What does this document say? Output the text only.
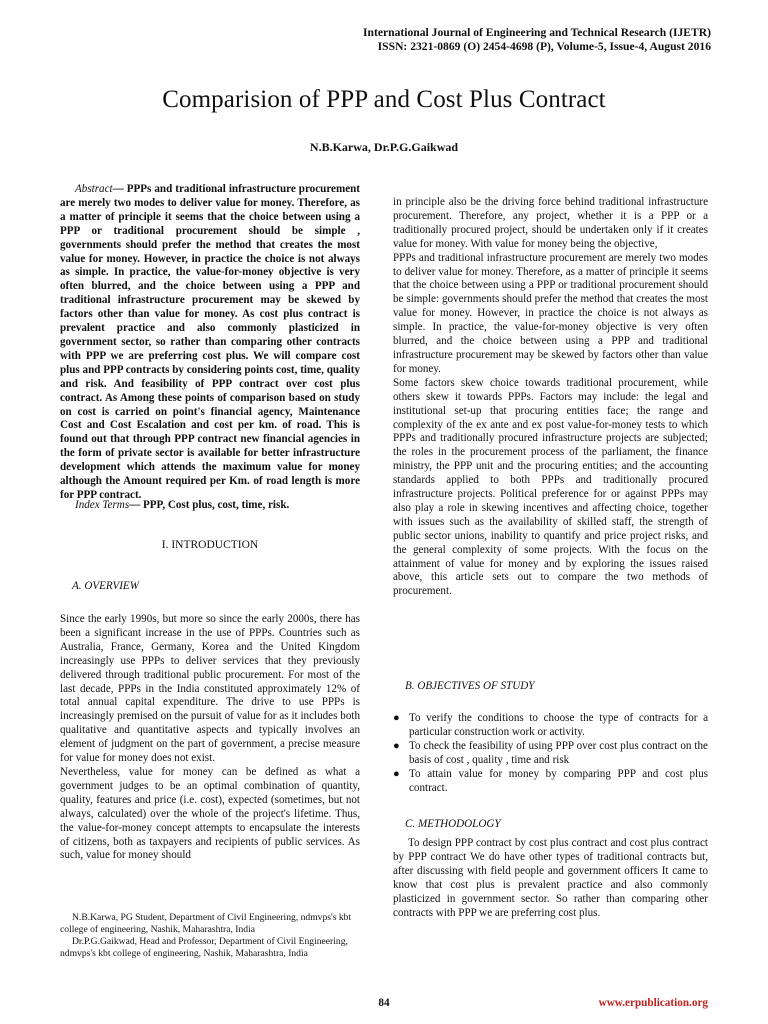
International Journal of Engineering and Technical Research (IJETR)
ISSN: 2321-0869 (O) 2454-4698 (P), Volume-5, Issue-4, August 2016
Comparision of PPP and Cost Plus Contract
N.B.Karwa, Dr.P.G.Gaikwad

Abstract— PPPs and traditional infrastructure procurement are merely two modes to deliver value for money. Therefore, as a matter of principle it seems that the choice between using a PPP or traditional procurement should be simple , governments should prefer the method that creates the most value for money. However, in practice the choice is not always as simple. In practice, the value-for-money objective is very often blurred, and the choice between using a PPP and traditional infrastructure procurement may be skewed by factors other than value for money. As cost plus contract is prevalent practice and also commonly plasticized in government sector, so rather than comparing other contracts with PPP we are preferring cost plus. We will compare cost plus and PPP contracts by considering points cost, time, quality and risk. And feasibility of PPP contract over cost plus contract. As Among these points of comparison based on study on cost is carried on point's financial agency, Maintenance Cost and Cost Escalation and cost per km. of road. This is found out that through PPP contract new financial agencies in the form of private sector is available for better infrastructure development which attends the maximum value for money although the Amount required per Km. of road length is more for PPP contract.

Index Terms— PPP, Cost plus, cost, time, risk.

I. INTRODUCTION
A. OVERVIEW

Since the early 1990s, but more so since the early 2000s, there has been a significant increase in the use of PPPs. Countries such as Australia, France, Germany, Korea and the United Kingdom increasingly use PPPs to deliver services that they previously delivered through traditional public procurement. For most of the last decade, PPPs in the India constituted approximately 12% of total annual capital expenditure. The drive to use PPPs is increasingly premised on the pursuit of value for as it includes both qualitative and quantitative aspects and typically involves an element of judgment on the part of government, a precise measure for value for money does not exist.

Nevertheless, value for money can be defined as what a government judges to be an optimal combination of quantity, quality, features and price (i.e. cost), expected (sometimes, but not always, calculated) over the whole of the project's lifetime. Thus, the value-for-money concept attempts to encapsulate the interests of citizens, both as taxpayers and recipients of public services. As such, value for money should

N.B.Karwa, PG Student, Department of Civil Engineering, ndmvps's kbt college of engineering, Nashik, Maharashtra, India

Dr.P.G.Gaikwad, Head and Professor, Department of Civil Engineering, ndmvps's kbt college of engineering, Nashik, Maharashtra, India

in principle also be the driving force behind traditional infrastructure procurement. Therefore, any project, whether it is a PPP or a traditionally procured project, should be undertaken only if it creates value for money. With value for money being the objective,

PPPs and traditional infrastructure procurement are merely two modes to deliver value for money. Therefore, as a matter of principle it seems that the choice between using a PPP or traditional procurement should be simple: governments should prefer the method that creates the most value for money. However, in practice the choice is not always as simple. In practice, the value-for-money objective is very often blurred, and the choice between using a PPP and traditional infrastructure procurement may be skewed by factors other than value for money.

Some factors skew choice towards traditional procurement, while others skew it towards PPPs. Factors may include: the legal and institutional set-up that procuring entities face; the range and complexity of the ex ante and ex post value-for-money tests to which PPPs and traditionally procured infrastructure projects are subjected; the roles in the procurement process of the parliament, the finance ministry, the PPP unit and the procuring entities; and the accounting standards applied to both PPPs and traditionally procured infrastructure projects. Political preference for or against PPPs may also play a role in skewing incentives and affecting choice, together with issues such as the availability of skilled staff, the strength of public sector unions, inability to quantify and price project risks, and the general complexity of some projects. With the focus on the attainment of value for money and by exploring the issues raised above, this article sets out to compare the two methods of procurement.

B. OBJECTIVES OF STUDY
● To verify the conditions to choose the type of contracts for a particular construction work or activity.
● To check the feasibility of using PPP over cost plus contract on the basis of cost , quality , time and risk
● To attain value for money by comparing PPP and cost plus contract.
C. METHODOLOGY

To design PPP contract by cost plus contract and cost plus contract by PPP contract We do have other types of traditional contracts but, after discussing with field people and government officers It came to know that cost plus is prevalent practice and also commonly plasticized in government sector. So rather than comparing other contracts with PPP we are preferring cost plus.

84	www.erpublication.org
